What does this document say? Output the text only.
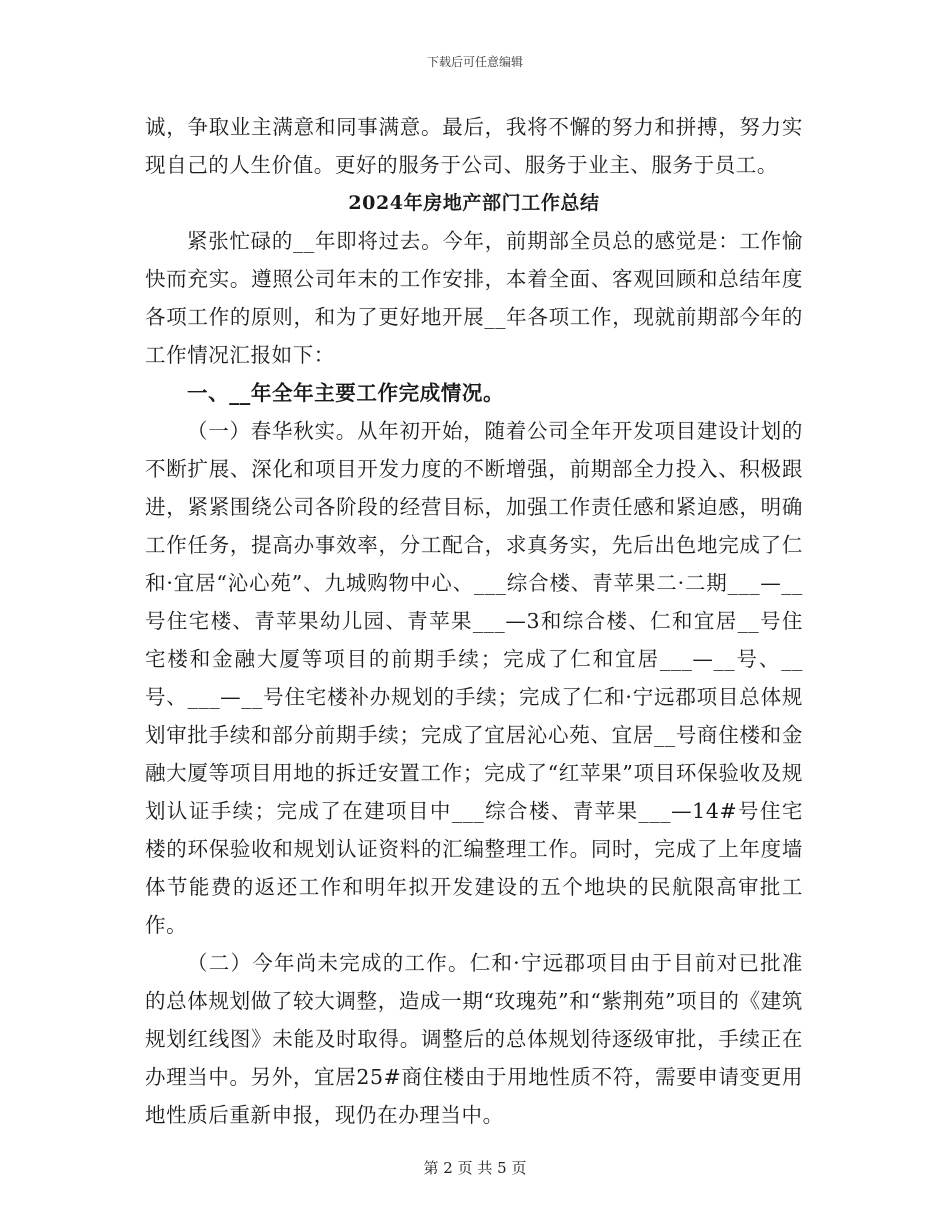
下载后可任意编辑

诚，争取业主满意和同事满意。最后，我将不懈的努力和拼搏，努力实现自己的人生价值。更好的服务于公司、服务于业主、服务于员工。

2024年房地产部门工作总结

紧张忙碌的__年即将过去。今年，前期部全员总的感觉是：工作愉快而充实。遵照公司年末的工作安排，本着全面、客观回顾和总结年度各项工作的原则，和为了更好地开展__年各项工作，现就前期部今年的工作情况汇报如下：

一、__年全年主要工作完成情况。

（一）春华秋实。从年初开始，随着公司全年开发项目建设计划的不断扩展、深化和项目开发力度的不断增强，前期部全力投入、积极跟进，紧紧围绕公司各阶段的经营目标，加强工作责任感和紧迫感，明确工作任务，提高办事效率，分工配合，求真务实，先后出色地完成了仁和·宜居“沁心苑”、九城购物中心、___综合楼、青苹果二·二期___—__号住宅楼、青苹果幼儿园、青苹果___—3和综合楼、仁和宜居__号住宅楼和金融大厦等项目的前期手续；完成了仁和宜居___—__号、__号、___—__号住宅楼补办规划的手续；完成了仁和·宁远郡项目总体规划审批手续和部分前期手续；完成了宜居沁心苑、宜居__号商住楼和金融大厦等项目用地的拆迁安置工作；完成了“红苹果”项目环保验收及规划认证手续；完成了在建项目中___综合楼、青苹果___—14#号住宅楼的环保验收和规划认证资料的汇编整理工作。同时，完成了上年度墙体节能费的返还工作和明年拟开发建设的五个地块的民航限高审批工作。

（二）今年尚未完成的工作。仁和·宁远郡项目由于目前对已批准的总体规划做了较大调整，造成一期“玫瑰苑”和“紫荆苑”项目的《建筑规划红线图》未能及时取得。调整后的总体规划待逐级审批，手续正在办理当中。另外，宜居25#商住楼由于用地性质不符，需要申请变更用地性质后重新申报，现仍在办理当中。

第 2 页 共 5 页
